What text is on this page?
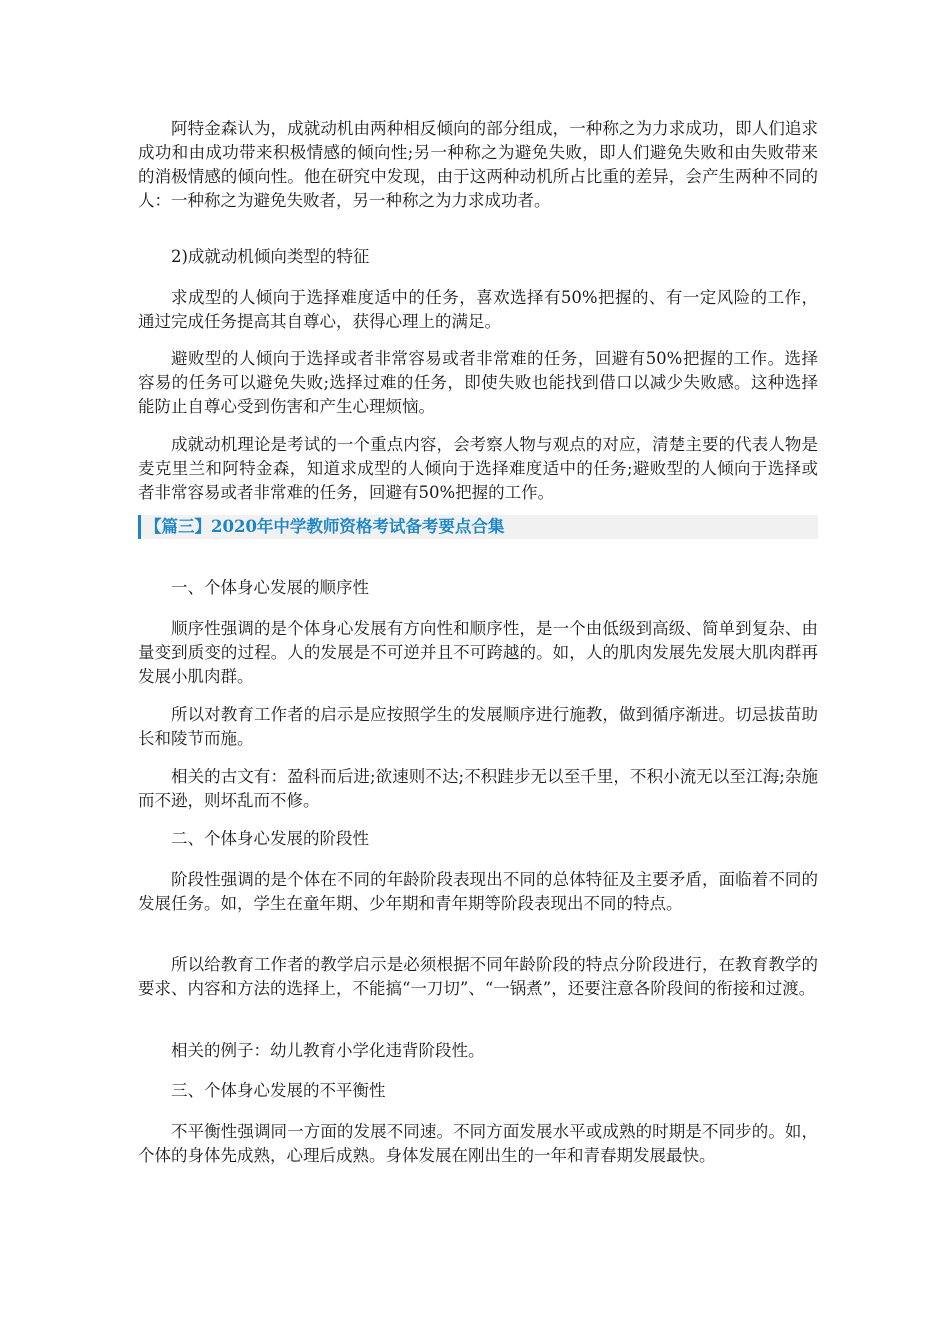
阿特金森认为，成就动机由两种相反倾向的部分组成，一种称之为力求成功，即人们追求成功和由成功带来积极情感的倾向性;另一种称之为避免失败，即人们避免失败和由失败带来的消极情感的倾向性。他在研究中发现，由于这两种动机所占比重的差异，会产生两种不同的人：一种称之为避免失败者，另一种称之为力求成功者。

2)成就动机倾向类型的特征

求成型的人倾向于选择难度适中的任务，喜欢选择有50%把握的、有一定风险的工作，通过完成任务提高其自尊心，获得心理上的满足。

避败型的人倾向于选择或者非常容易或者非常难的任务，回避有50%把握的工作。选择容易的任务可以避免失败;选择过难的任务，即使失败也能找到借口以减少失败感。这种选择能防止自尊心受到伤害和产生心理烦恼。

成就动机理论是考试的一个重点内容，会考察人物与观点的对应，清楚主要的代表人物是麦克里兰和阿特金森，知道求成型的人倾向于选择难度适中的任务;避败型的人倾向于选择或者非常容易或者非常难的任务，回避有50%把握的工作。

【篇三】2020年中学教师资格考试备考要点合集

一、个体身心发展的顺序性

顺序性强调的是个体身心发展有方向性和顺序性，是一个由低级到高级、简单到复杂、由量变到质变的过程。人的发展是不可逆并且不可跨越的。如，人的肌肉发展先发展大肌肉群再发展小肌肉群。

所以对教育工作者的启示是应按照学生的发展顺序进行施教，做到循序渐进。切忌拔苗助长和陵节而施。

相关的古文有：盈科而后进;欲速则不达;不积跬步无以至千里，不积小流无以至江海;杂施而不逊，则坏乱而不修。

二、个体身心发展的阶段性

阶段性强调的是个体在不同的年龄阶段表现出不同的总体特征及主要矛盾，面临着不同的发展任务。如，学生在童年期、少年期和青年期等阶段表现出不同的特点。

所以给教育工作者的教学启示是必须根据不同年龄阶段的特点分阶段进行，在教育教学的要求、内容和方法的选择上，不能搞“一刀切”、“一锅煮”，还要注意各阶段间的衔接和过渡。

相关的例子：幼儿教育小学化违背阶段性。

三、个体身心发展的不平衡性

不平衡性强调同一方面的发展不同速。不同方面发展水平或成熟的时期是不同步的。如，个体的身体先成熟，心理后成熟。身体发展在刚出生的一年和青春期发展最快。
